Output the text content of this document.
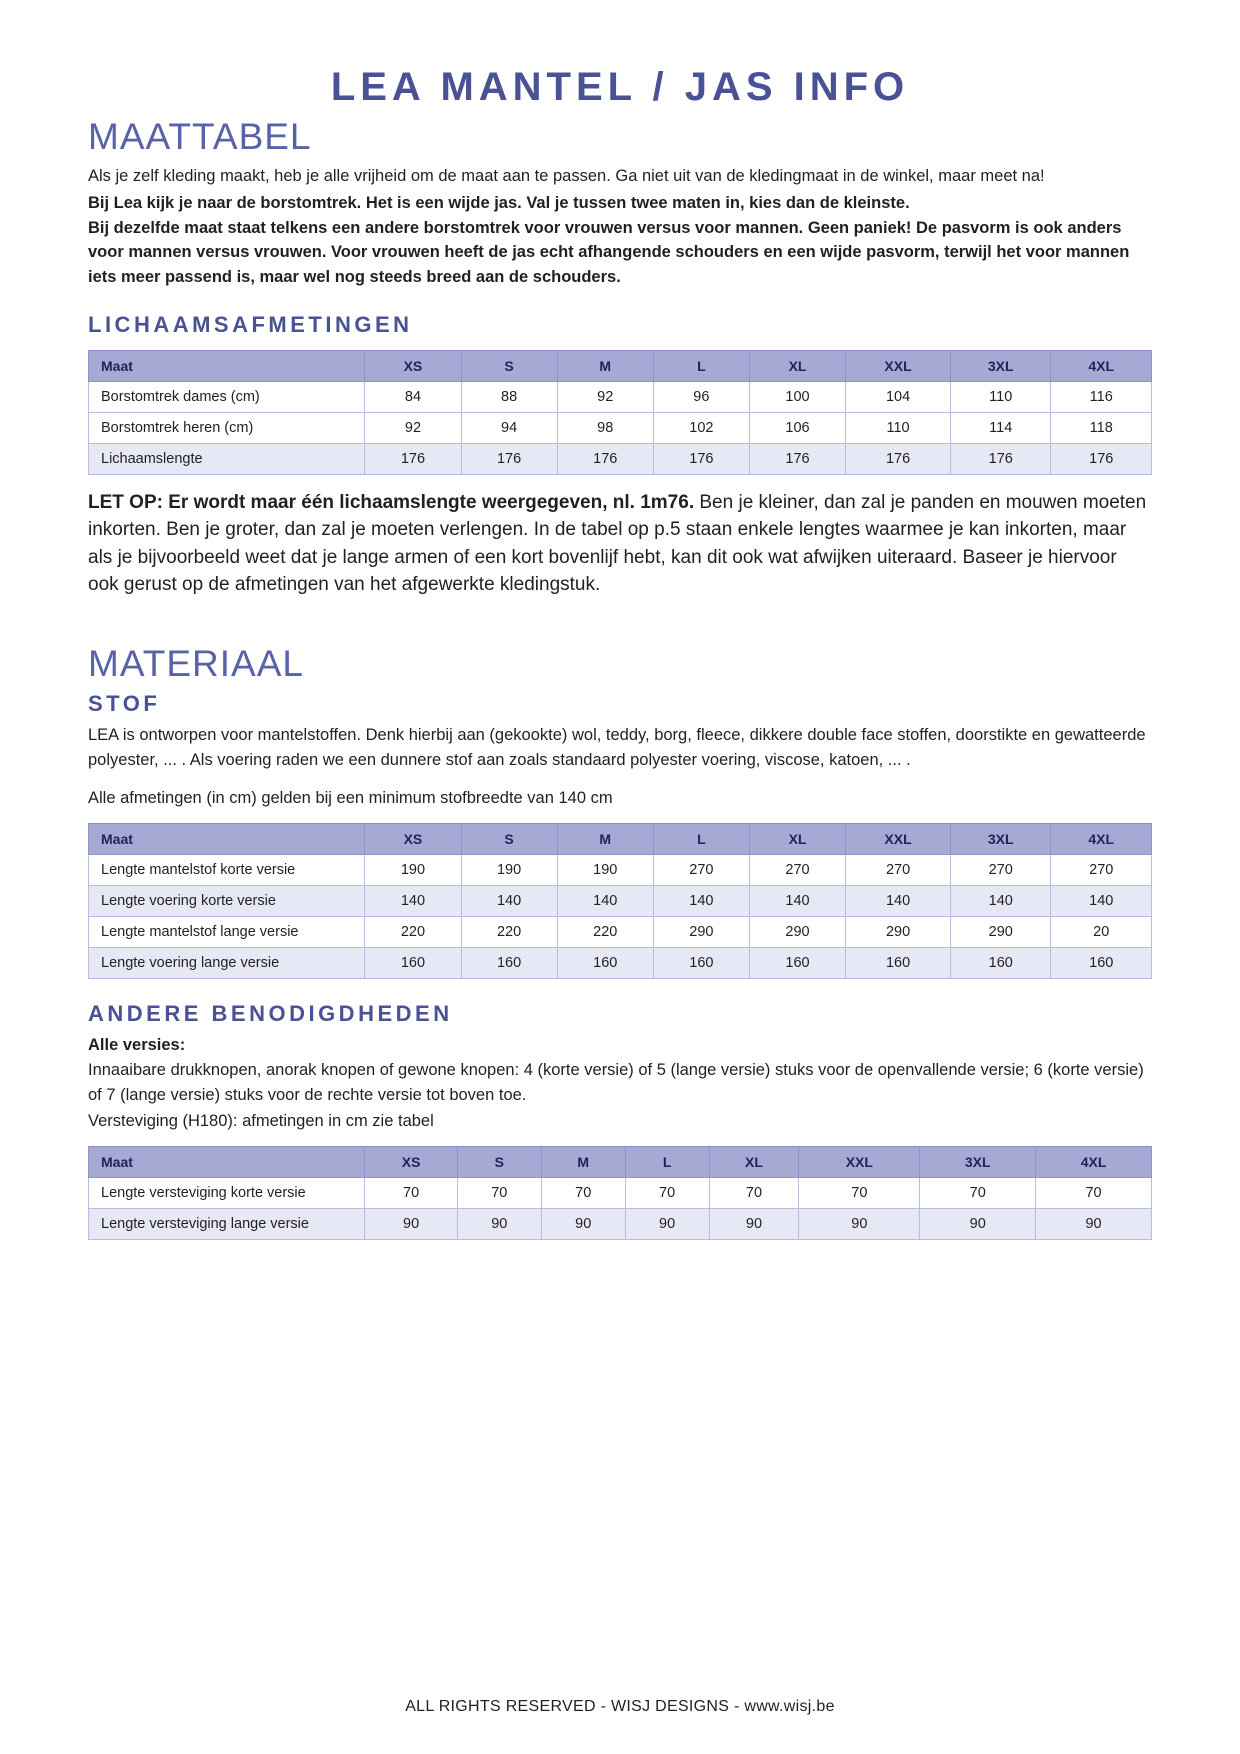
LEA MANTEL / JAS INFO
MAATTABEL

Als je zelf kleding maakt, heb je alle vrijheid om de maat aan te passen. Ga niet uit van de kledingmaat in de winkel, maar meet na!

Bij Lea kijk je naar de borstomtrek. Het is een wijde jas. Val je tussen twee maten in, kies dan de kleinste.

Bij dezelfde maat staat telkens een andere borstomtrek voor vrouwen versus voor mannen. Geen paniek! De pasvorm is ook anders voor mannen versus vrouwen. Voor vrouwen heeft de jas echt afhangende schouders en een wijde pasvorm, terwijl het voor mannen iets meer passend is, maar wel nog steeds breed aan de schouders.

LICHAAMSAFMETINGEN
Maat	XS	S	M	L	XL	XXL	3XL	4XL
Borstomtrek dames (cm)	84	88	92	96	100	104	110	116
Borstomtrek heren (cm)	92	94	98	102	106	110	114	118
Lichaamslengte	176	176	176	176	176	176	176	176

LET OP: Er wordt maar één lichaamslengte weergegeven, nl. 1m76. Ben je kleiner, dan zal je panden en mouwen moeten inkorten. Ben je groter, dan zal je moeten verlengen. In de tabel op p.5 staan enkele lengtes waarmee je kan inkorten, maar als je bijvoorbeeld weet dat je lange armen of een kort bovenlijf hebt, kan dit ook wat afwijken uiteraard. Baseer je hiervoor ook gerust op de afmetingen van het afgewerkte kledingstuk.

MATERIAAL
STOF

LEA is ontworpen voor mantelstoffen. Denk hierbij aan (gekookte) wol, teddy, borg, fleece, dikkere double face stoffen, doorstikte en gewatteerde polyester, ... . Als voering raden we een dunnere stof aan zoals standaard polyester voering, viscose, katoen, ... .

Alle afmetingen (in cm) gelden bij een minimum stofbreedte van 140 cm

Maat	XS	S	M	L	XL	XXL	3XL	4XL
Lengte mantelstof korte versie	190	190	190	270	270	270	270	270
Lengte voering korte versie	140	140	140	140	140	140	140	140
Lengte mantelstof lange versie	220	220	220	290	290	290	290	20
Lengte voering lange versie	160	160	160	160	160	160	160	160
ANDERE BENODIGDHEDEN

Alle versies:

Innaaibare drukknopen, anorak knopen of gewone knopen: 4 (korte versie) of 5 (lange versie) stuks voor de openvallende versie; 6 (korte versie) of 7 (lange versie) stuks voor de rechte versie tot boven toe.

Versteviging (H180): afmetingen in cm zie tabel

Maat	XS	S	M	L	XL	XXL	3XL	4XL
Lengte versteviging korte versie	70	70	70	70	70	70	70	70
Lengte versteviging lange versie	90	90	90	90	90	90	90	90
ALL RIGHTS RESERVED - WISJ DESIGNS - www.wisj.be
